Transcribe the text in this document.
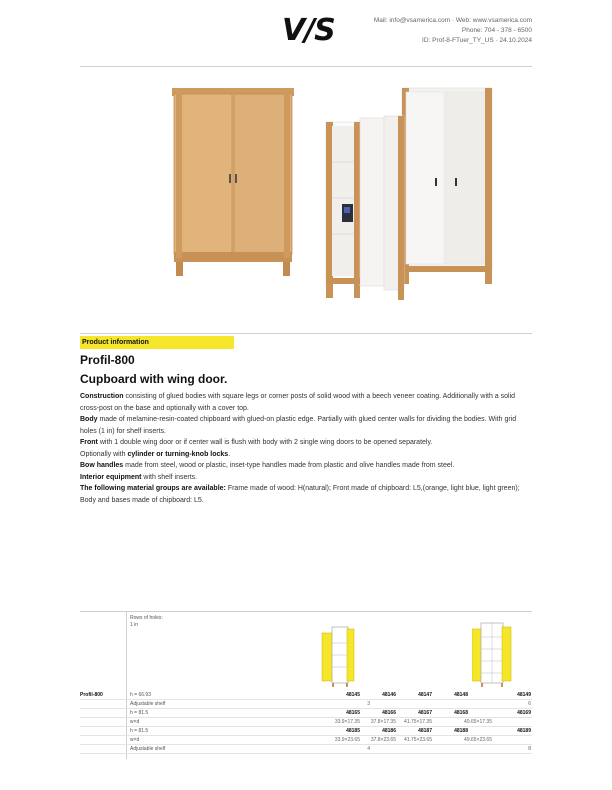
V/S	Mail: info@vsamerica.com · Web: www.vsamerica.com
Phone: 704 - 378 - 6500
ID: Prof-8-FTuer_TY_US · 24.10.2024
Product information
Profil-800
Cupboard with wing door.
Construction consisting of glued bodies with square legs or corner posts of solid wood with a beech veneer coating. Additionally with a solid cross-post on the base and optionally with a cover top.
Body made of melamine-resin-coated chipboard with glued-on plastic edge. Partially with glued center walls for dividing the bodies. With grid holes (1 in) for shelf inserts.
Front with 1 double wing door or if center wall is flush with body with 2 single wing doors to be opened separately.
Optionally with cylinder or turning-knob locks.
Bow handles made from steel, wood or plastic, inset-type handles made from plastic and olive handles made from steel.
Interior equipment with shelf inserts.
The following material groups are available: Frame made of wood: H(natural); Front made of chipboard: L5,(orange, light blue, light green); Body and bases made of chipboard: L5.
Rows of holes:
1 in
Profil-800	h = 66.93	48145	48146	48147	48148	48149
Adjustable shelf	3	6
h = 81.5	48165	48166	48167	48168	48169
w×d	33.9×17.35 37.8×17.35 41.75×17.35	49.65×17.35
h = 81.5	48185	48186	48187	48188	48189
w×d	33.9×23.65 37.8×23.65 41.75×23.65	49.65×23.65
Adjustable shelf	4	8
